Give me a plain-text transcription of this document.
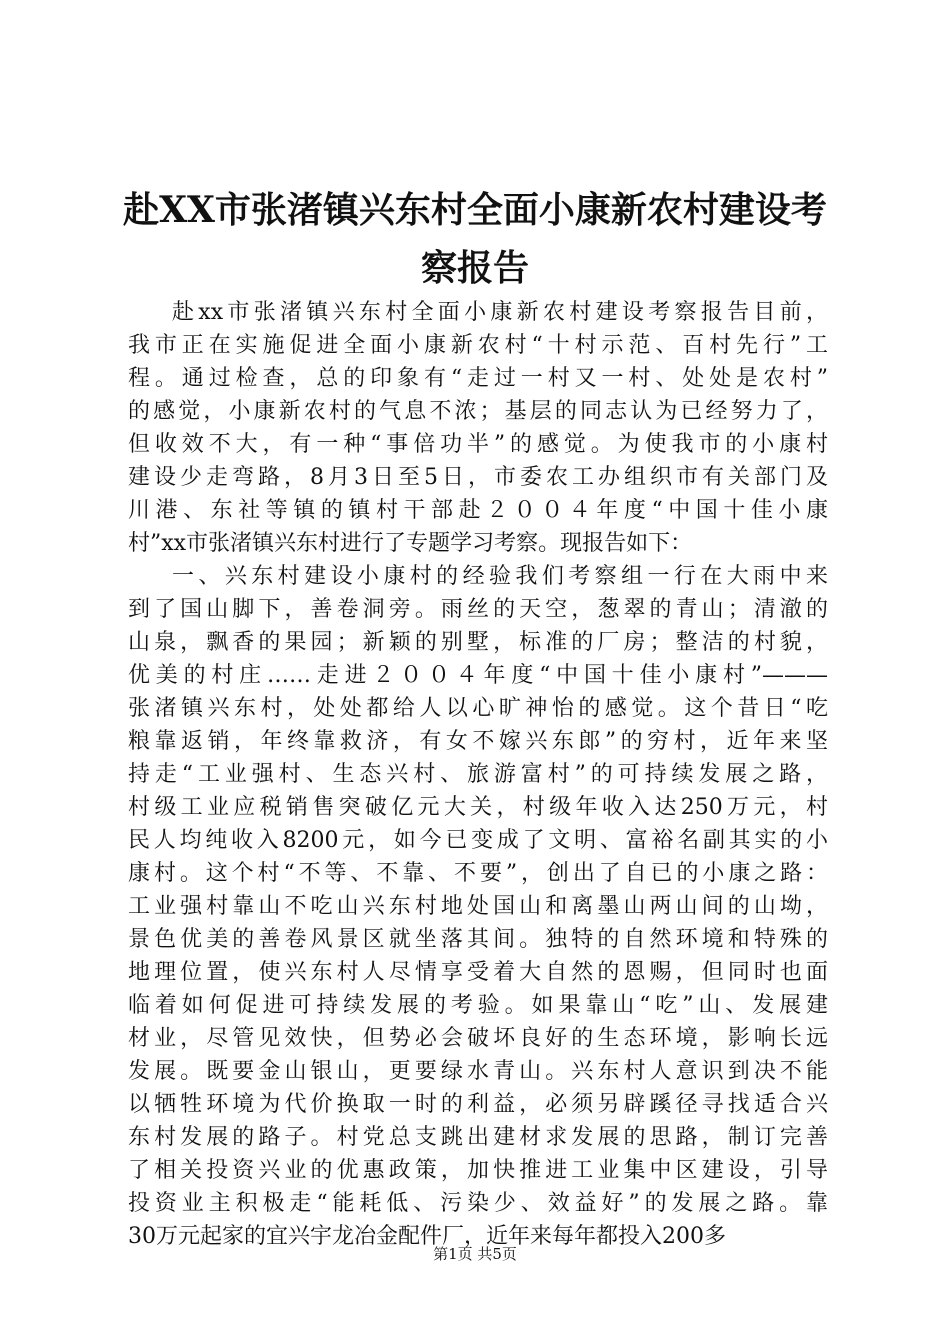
赴XX市张渚镇兴东村全面小康新农村建设考
察报告
赴xx市张渚镇兴东村全面小康新农村建设考察报告目前，
我市正在实施促进全面小康新农村“十村示范、百村先行”工
程。通过检查，总的印象有“走过一村又一村、处处是农村”
的感觉，小康新农村的气息不浓；基层的同志认为已经努力了，
但收效不大，有一种“事倍功半”的感觉。为使我市的小康村
建设少走弯路，8月3日至5日，市委农工办组织市有关部门及
川港、东社等镇的镇村干部赴２００４年度“中国十佳小康
村”xx市张渚镇兴东村进行了专题学习考察。现报告如下：
一、兴东村建设小康村的经验我们考察组一行在大雨中来
到了国山脚下，善卷洞旁。雨丝的天空，葱翠的青山；清澈的
山泉，飘香的果园；新颖的别墅，标准的厂房；整洁的村貌，
优美的村庄……走进２００４年度“中国十佳小康村”———
张渚镇兴东村，处处都给人以心旷神怡的感觉。这个昔日“吃
粮靠返销，年终靠救济，有女不嫁兴东郎”的穷村，近年来坚
持走“工业强村、生态兴村、旅游富村”的可持续发展之路，
村级工业应税销售突破亿元大关，村级年收入达250万元，村
民人均纯收入8200元，如今已变成了文明、富裕名副其实的小
康村。这个村“不等、不靠、不要”，创出了自已的小康之路：
工业强村靠山不吃山兴东村地处国山和离墨山两山间的山坳，
景色优美的善卷风景区就坐落其间。独特的自然环境和特殊的
地理位置，使兴东村人尽情享受着大自然的恩赐，但同时也面
临着如何促进可持续发展的考验。如果靠山“吃”山、发展建
材业，尽管见效快，但势必会破坏良好的生态环境，影响长远
发展。既要金山银山，更要绿水青山。兴东村人意识到决不能
以牺牲环境为代价换取一时的利益，必须另辟蹊径寻找适合兴
东村发展的路子。村党总支跳出建材求发展的思路，制订完善
了相关投资兴业的优惠政策，加快推进工业集中区建设，引导
投资业主积极走“能耗低、污染少、效益好”的发展之路。靠
30万元起家的宜兴宇龙冶金配件厂，近年来每年都投入200多
第1页 共5页
